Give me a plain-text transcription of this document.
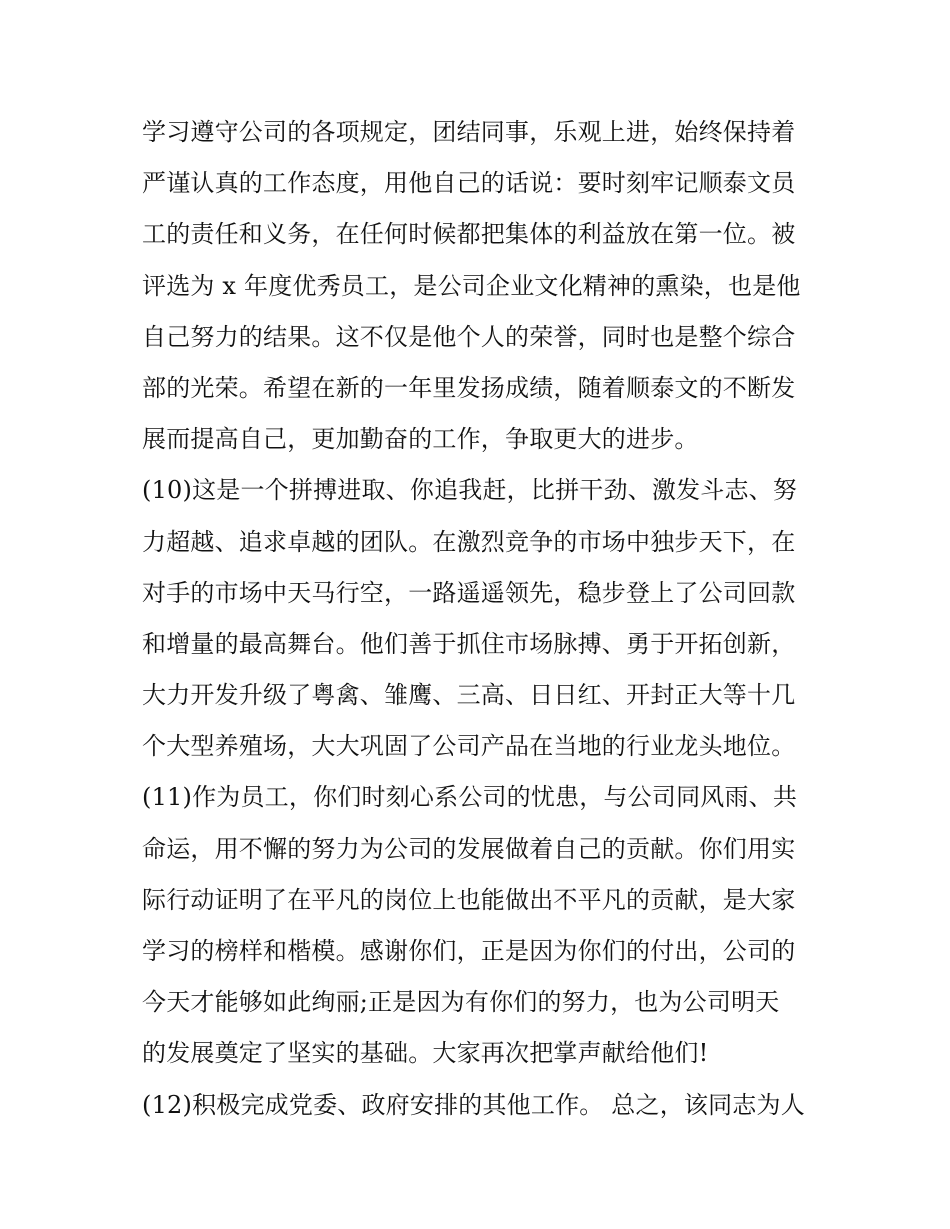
学习遵守公司的各项规定，团结同事，乐观上进，始终保持着
严谨认真的工作态度，用他自己的话说：要时刻牢记顺泰文员
工的责任和义务，在任何时候都把集体的利益放在第一位。被
评选为 x 年度优秀员工，是公司企业文化精神的熏染，也是他
自己努力的结果。这不仅是他个人的荣誉，同时也是整个综合
部的光荣。希望在新的一年里发扬成绩，随着顺泰文的不断发
展而提高自己，更加勤奋的工作，争取更大的进步。
(10)这是一个拼搏进取、你追我赶，比拼干劲、激发斗志、努
力超越、追求卓越的团队。在激烈竞争的市场中独步天下，在
对手的市场中天马行空，一路遥遥领先，稳步登上了公司回款
和增量的最高舞台。他们善于抓住市场脉搏、勇于开拓创新，
大力开发升级了粤禽、雏鹰、三高、日日红、开封正大等十几
个大型养殖场，大大巩固了公司产品在当地的行业龙头地位。
(11)作为员工，你们时刻心系公司的忧患，与公司同风雨、共
命运，用不懈的努力为公司的发展做着自己的贡献。你们用实
际行动证明了在平凡的岗位上也能做出不平凡的贡献，是大家
学习的榜样和楷模。感谢你们，正是因为你们的付出，公司的
今天才能够如此绚丽;正是因为有你们的努力，也为公司明天
的发展奠定了坚实的基础。大家再次把掌声献给他们!
(12)积极完成党委、政府安排的其他工作。 总之，该同志为人
